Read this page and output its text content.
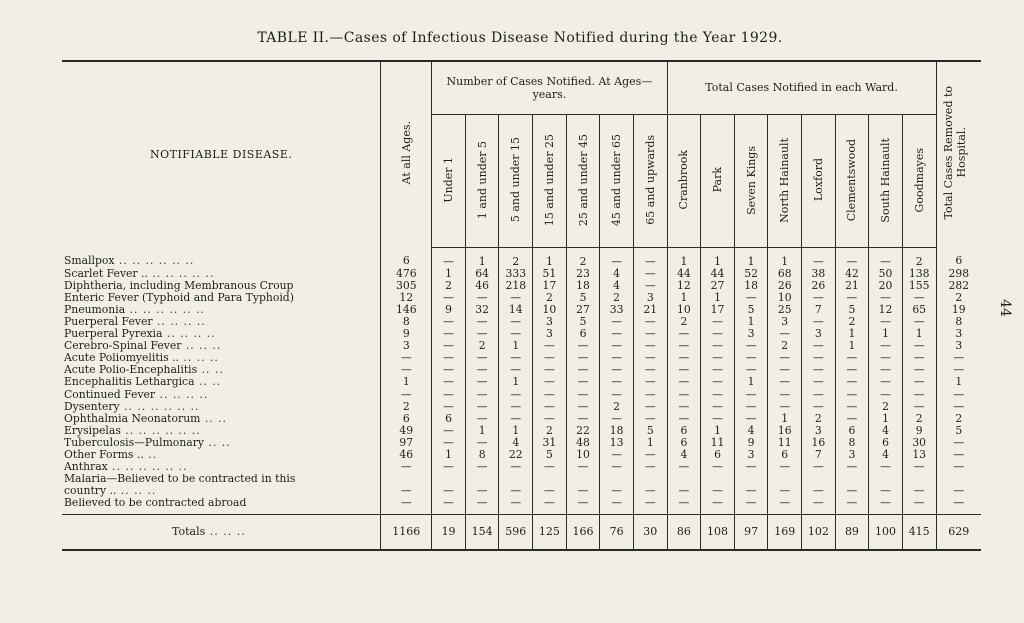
TABLE II.—Cases of Infectious Disease Notified during the Year 1929.
44
NOTIFIABLE DISEASE.	At all Ages.	Number of Cases Notified. At Ages—years.							Total Cases Notified in each Ward.								Total Cases Removed to Hospital.
		Under 1	1 and under 5	5 and under 15	15 and under 25	25 and under 45	45 and under 65	65 and upwards	Cranbrook	Park	Seven Kings	North Hainault	Loxford	Clementswood	South Hainault	Goodmayes	
Smallpox .. .. .. .. .. ..	6	—	1	2	1	2	—	—	1	1	1	1	—	—	—	2	6
Scarlet Fever .. .. .. .. .. ..	476	1	64	333	51	23	4	—	44	44	52	68	38	42	50	138	298
Diphtheria, including Membranous Croup	305	2	46	218	17	18	4	—	12	27	18	26	26	21	20	155	282
Enteric Fever (Typhoid and Para Typhoid)	12	—	—	—	2	5	2	3	1	1	—	10	—	—	—	—	2
Pneumonia .. .. .. .. .. ..	146	9	32	14	10	27	33	21	10	17	5	25	7	5	12	65	19
Puerperal Fever .. .. .. ..	8	—	—	—	3	5	—	—	2	—	1	3	—	2	—	—	8
Puerperal Pyrexia .. .. .. ..	9	—	—	—	3	6	—	—	—	—	3	—	3	1	1	1	3
Cerebro-Spinal Fever .. .. ..	3	—	2	1	—	—	—	—	—	—	—	2	—	1	—	—	3
Acute Poliomyelitis .. .. .. ..	—	—	—	—	—	—	—	—	—	—	—	—	—	—	—	—	—
Acute Polio-Encephalitis .. ..	—	—	—	—	—	—	—	—	—	—	—	—	—	—	—	—	—
Encephalitis Lethargica .. ..	1	—	—	1	—	—	—	—	—	—	1	—	—	—	—	—	1
Continued Fever .. .. .. ..	—	—	—	—	—	—	—	—	—	—	—	—	—	—	—	—	—
Dysentery .. .. .. .. .. ..	2	—	—	—	—	—	2	—	—	—	—	—	—	—	2	—	—
Ophthalmia Neonatorum .. ..	6	6	—	—	—	—	—	—	—	—	—	1	2	—	1	2	2
Erysipelas .. .. .. .. .. ..	49	—	1	1	2	22	18	5	6	1	4	16	3	6	4	9	5
Tuberculosis—Pulmonary .. ..	97	—	—	4	31	48	13	1	6	11	9	11	16	8	6	30	—
Other Forms .. ..	46	1	8	22	5	10	—	—	4	6	3	6	7	3	4	13	—
Anthrax .. .. .. .. .. ..	—	—	—	—	—	—	—	—	—	—	—	—	—	—	—	—	—
Malaria—Believed to be contracted in this																	
country .. .. .. ..	—	—	—	—	—	—	—	—	—	—	—	—	—	—	—	—	—
Believed to be contracted abroad	—	—	—	—	—	—	—	—	—	—	—	—	—	—	—	—	—
Totals .. .. ..	1166	19	154	596	125	166	76	30	86	108	97	169	102	89	100	415	629
